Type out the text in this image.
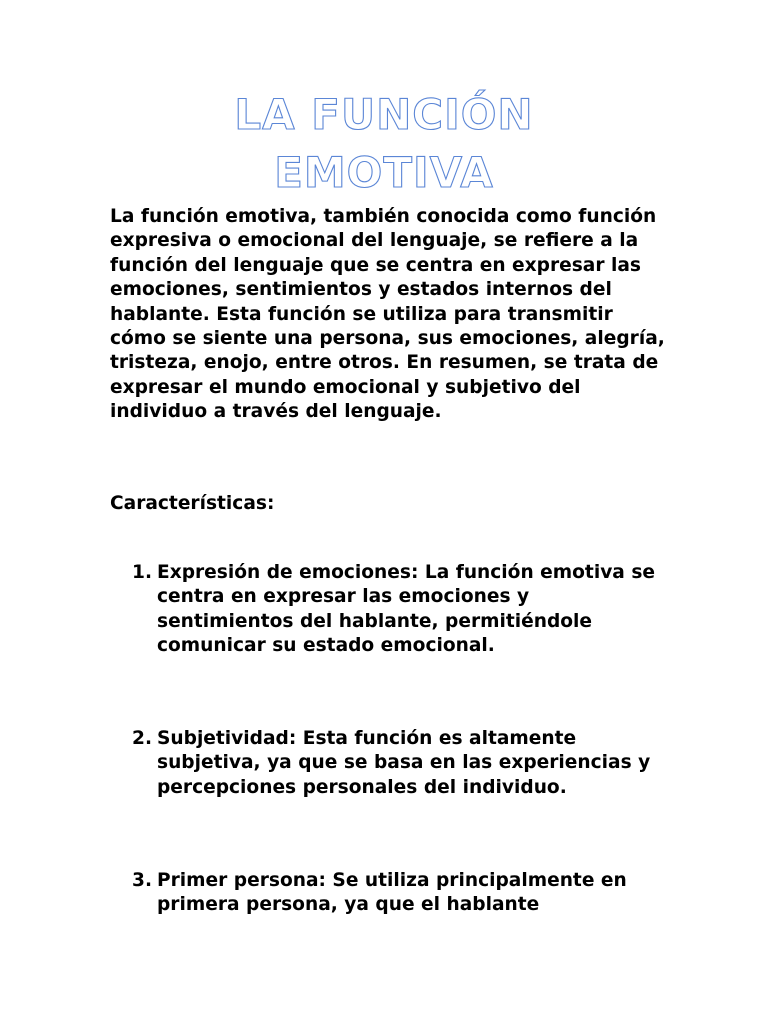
LA FUNCIÓN
EMOTIVA

La función emotiva, también conocida como función expresiva o emocional del lenguaje, se refiere a la función del lenguaje que se centra en expresar las emociones, sentimientos y estados internos del hablante. Esta función se utiliza para transmitir cómo se siente una persona, sus emociones, alegría, tristeza, enojo, entre otros. En resumen, se trata de expresar el mundo emocional y subjetivo del individuo a través del lenguaje.

Características:

1. Expresión de emociones: La función emotiva se centra en expresar las emociones y sentimientos del hablante, permitiéndole comunicar su estado emocional.
2. Subjetividad: Esta función es altamente subjetiva, ya que se basa en las experiencias y percepciones personales del individuo.
3. Primer persona: Se utiliza principalmente en primera persona, ya que el hablante
